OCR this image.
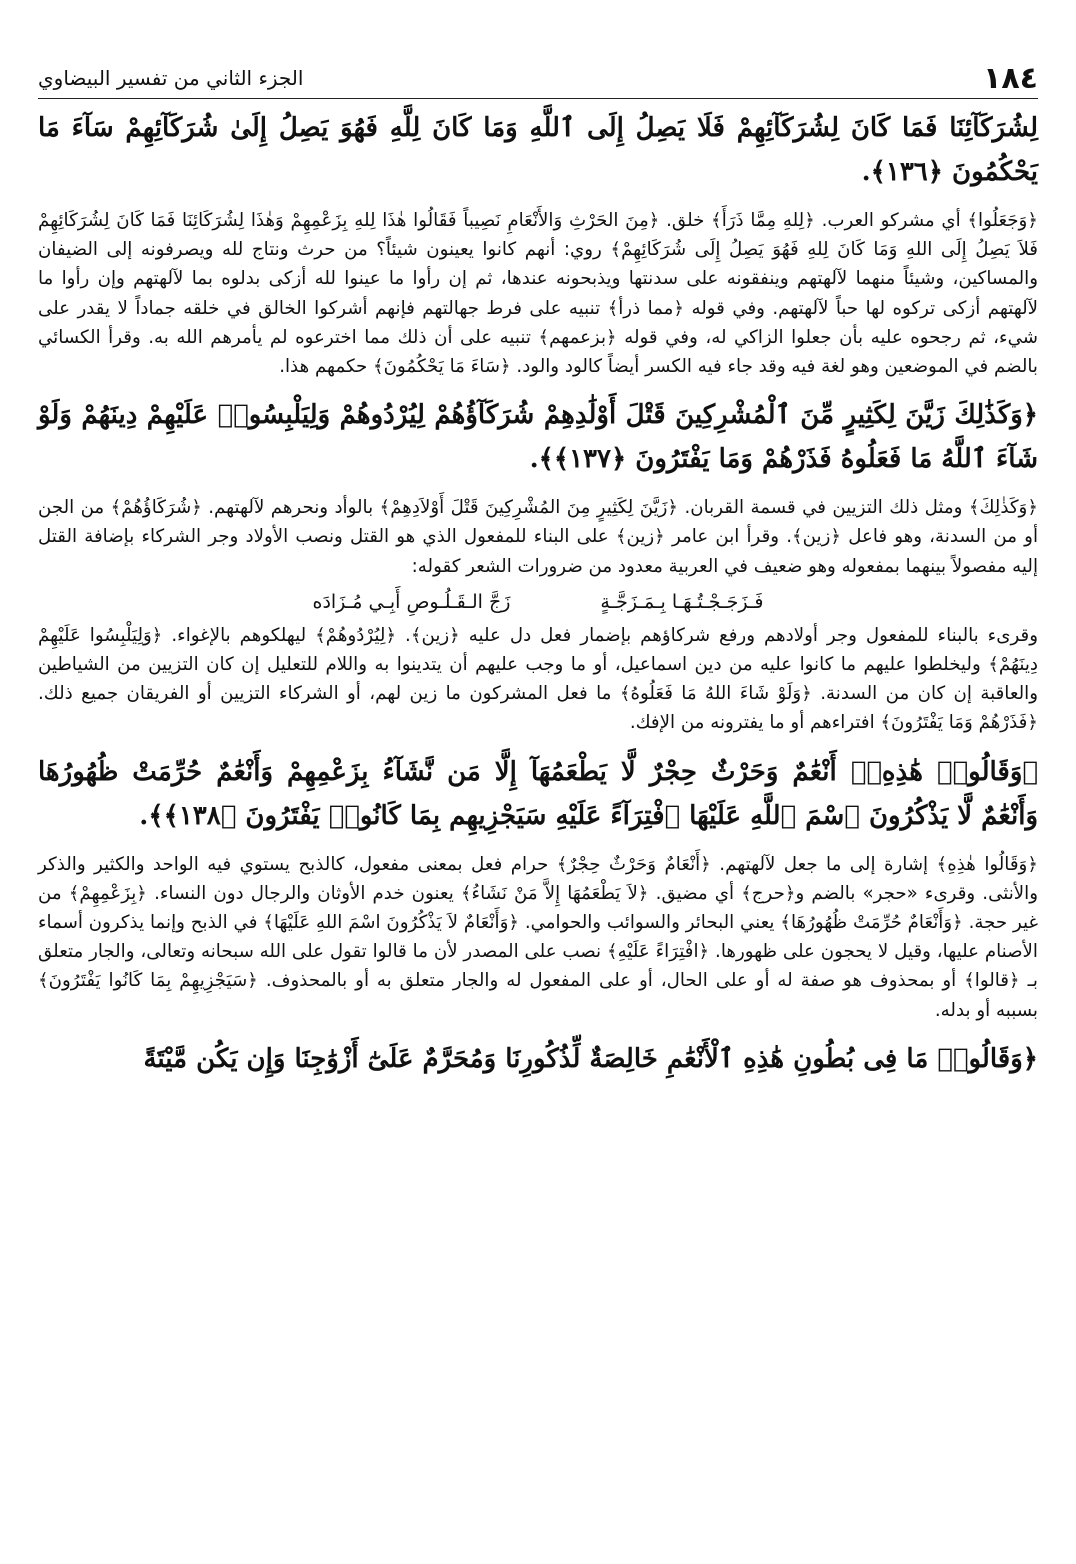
١٨٤
الجزء الثاني من تفسير البيضاوي

لِشُرَكَآئِنَا فَمَا كَانَ لِشُرَكَآئِهِمْ فَلَا يَصِلُ إِلَى ٱللَّهِ وَمَا كَانَ لِلَّهِ فَهُوَ يَصِلُ إِلَىٰ شُرَكَآئِهِمْ سَآءَ مَا يَحْكُمُونَ ﴿١٣٦﴾.

﴿وَجَعَلُوا﴾ أي مشركو العرب. ﴿لِلهِ مِمَّا ذَرَأَ﴾ خلق. ﴿مِنَ الحَرْثِ وَالأَنْعَامِ نَصِيباً فَقَالُوا هٰذَا لِلهِ بِزَعْمِهِمْ وَهٰذَا لِشُرَكَائِنَا فَمَا كَانَ لِشُرَكَائِهِمْ فَلاَ يَصِلُ إِلَى اللهِ وَمَا كَانَ لِلهِ فَهُوَ يَصِلُ إِلَى شُرَكَائِهِمْ﴾ روي: أنهم كانوا يعينون شيئاً؟ من حرث ونتاج لله ويصرفونه إلى الضيفان والمساكين، وشيئاً منهما لآلهتهم وينفقونه على سدنتها ويذبحونه عندها، ثم إن رأوا ما عينوا لله أزكى بدلوه بما لآلهتهم وإن رأوا ما لآلهتهم أزكى تركوه لها حباً لآلهتهم. وفي قوله ﴿مما ذرأ﴾ تنبيه على فرط جهالتهم فإنهم أشركوا الخالق في خلقه جماداً لا يقدر على شيء، ثم رجحوه عليه بأن جعلوا الزاكي له، وفي قوله ﴿بزعمهم﴾ تنبيه على أن ذلك مما اخترعوه لم يأمرهم الله به. وقرأ الكسائي بالضم في الموضعين وهو لغة فيه وقد جاء فيه الكسر أيضاً كالود والود. ﴿سَاءَ مَا يَحْكُمُونَ﴾ حكمهم هذا.

﴿وَكَذَٰلِكَ زَيَّنَ لِكَثِيرٍ مِّنَ ٱلْمُشْرِكِينَ قَتْلَ أَوْلَٰدِهِمْ شُرَكَآؤُهُمْ لِيُرْدُوهُمْ وَلِيَلْبِسُوا۟ عَلَيْهِمْ دِينَهُمْ وَلَوْ شَآءَ ٱللَّهُ مَا فَعَلُوهُ فَذَرْهُمْ وَمَا يَفْتَرُونَ ﴿١٣٧﴾﴾.

﴿وَكَذٰلِكَ﴾ ومثل ذلك التزيين في قسمة القربان. ﴿زَيَّنَ لِكَثِيرٍ مِنَ المُشْرِكِينَ قَتْلَ أَوْلاَدِهِمْ﴾ بالوأد ونحرهم لآلهتهم. ﴿شُرَكَاؤُهُمْ﴾ من الجن أو من السدنة، وهو فاعل ﴿زين﴾. وقرأ ابن عامر ﴿زين﴾ على البناء للمفعول الذي هو القتل ونصب الأولاد وجر الشركاء بإضافة القتل إليه مفصولاً بينهما بمفعوله وهو ضعيف في العربية معدود من ضرورات الشعر كقوله:

فَـزَجَـجْـتُـهَـا بِـمَـزَجَّـةٍ
زَجَّ الـقَـلُـوصِ أَبِـي مُـزَادَه

وقرىء بالبناء للمفعول وجر أولادهم ورفع شركاؤهم بإضمار فعل دل عليه ﴿زين﴾. ﴿لِيُرْدُوهُمْ﴾ ليهلكوهم بالإغواء. ﴿وَلِيَلْبِسُوا عَلَيْهِمْ دِينَهُمْ﴾ وليخلطوا عليهم ما كانوا عليه من دين اسماعيل، أو ما وجب عليهم أن يتدينوا به واللام للتعليل إن كان التزيين من الشياطين والعاقبة إن كان من السدنة. ﴿وَلَوْ شَاءَ اللهُ مَا فَعَلُوهُ﴾ ما فعل المشركون ما زين لهم، أو الشركاء التزيين أو الفريقان جميع ذلك. ﴿فَذَرْهُمْ وَمَا يَفْتَرُونَ﴾ افتراءهم أو ما يفترونه من الإفك.

﴿وَقَالُوا۟ هَٰذِهِۦٓ أَنْعَٰمٌ وَحَرْثٌ حِجْرٌ لَّا يَطْعَمُهَآ إِلَّا مَن نَّشَآءُ بِزَعْمِهِمْ وَأَنْعَٰمٌ حُرِّمَتْ ظُهُورُهَا وَأَنْعَٰمٌ لَّا يَذْكُرُونَ ٱسْمَ ٱللَّهِ عَلَيْهَا ٱفْتِرَآءً عَلَيْهِ سَيَجْزِيهِم بِمَا كَانُوا۟ يَفْتَرُونَ ﴿١٣٨﴾﴾.

﴿وَقَالُوا هٰذِهِ﴾ إشارة إلى ما جعل لآلهتهم. ﴿أَنْعَامٌ وَحَرْثٌ حِجْرٌ﴾ حرام فعل بمعنى مفعول، كالذبح يستوي فيه الواحد والكثير والذكر والأنثى. وقرىء «حجر» بالضم و﴿حرج﴾ أي مضيق. ﴿لاَ يَطْعَمُهَا إِلاَّ مَنْ نَشَاءُ﴾ يعنون خدم الأوثان والرجال دون النساء. ﴿بِزَعْمِهِمْ﴾ من غير حجة. ﴿وَأَنْعَامٌ حُرِّمَتْ ظُهُورُهَا﴾ يعني البحائر والسوائب والحوامي. ﴿وَأَنْعَامٌ لاَ يَذْكُرُونَ اسْمَ اللهِ عَلَيْهَا﴾ في الذبح وإنما يذكرون أسماء الأصنام عليها، وقيل لا يحجون على ظهورها. ﴿افْتِرَاءً عَلَيْهِ﴾ نصب على المصدر لأن ما قالوا تقول على الله سبحانه وتعالى، والجار متعلق بـ ﴿قالوا﴾ أو بمحذوف هو صفة له أو على الحال، أو على المفعول له والجار متعلق به أو بالمحذوف. ﴿سَيَجْزِيهِمْ بِمَا كَانُوا يَفْتَرُونَ﴾ بسببه أو بدله.

﴿وَقَالُوا۟ مَا فِى بُطُونِ هَٰذِهِ ٱلْأَنْعَٰمِ خَالِصَةٌ لِّذُكُورِنَا وَمُحَرَّمٌ عَلَىٰٓ أَزْوَٰجِنَا وَإِن يَكُن مَّيْتَةً
